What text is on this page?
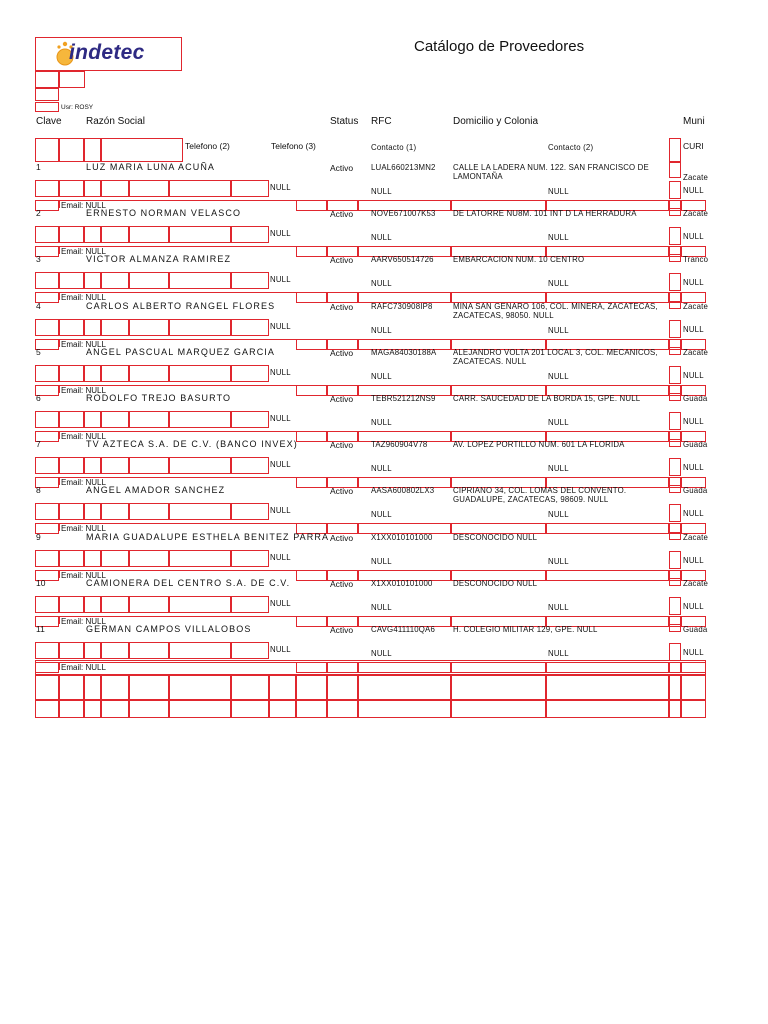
indetec	Catálogo de Proveedores
Usr: ROSY
Clave Razón Social	Status RFC	Domicilio y Colonia	Muni
Telefono (2)	Telefono (3)	Contacto (1)	Contacto (2)	CURI
1	LUZ MARIA LUNA ACUÑA	Activo LUAL660213MN2 CALLE LA LADERA NUM. 122. SAN FRANCISCO DE
LAMONTAÑA	Zacate
NULL	NULL	NULL	NULL
Email: NULL
2	ERNESTO NORMAN VELASCO	Activo NOVE671007K53 DE LATORRE NU8M. 101 INT D LA HERRADURA	Zacate
NULL	NULL	NULL	NULL
Email: NULL
3	VICTOR ALMANZA RAMIREZ	Activo AARV650514726 EMBARCACION NUM. 10 CENTRO	Tranco
NULL	NULL	NULL	NULL
Email: NULL
4	CARLOS ALBERTO RANGEL FLORES	Activo RAFC730908IP8 MINA SAN GENARO 106, COL. MINERA, ZACATECAS,
ZACATECAS, 98050. NULL
Zacate
NULL	NULL	NULL	NULL
Email: NULL
5	ANGEL PASCUAL MARQUEZ GARCIA	Activo MAGA84030188A ALEJANDRO VOLTA 201 LOCAL 3, COL. MECANICOS,
ZACATECAS. NULL
Zacate
NULL	NULL	NULL	NULL
Email: NULL
6	RODOLFO TREJO BASURTO	Activo TEBR521212NS9 CARR. SAUCEDAD DE LA BORDA 15, GPE. NULL	Guada
NULL	NULL	NULL	NULL
Email: NULL
7	TV AZTECA S.A. DE C.V. (BANCO INVEX)	Activo TAZ960904V78	AV. LOPEZ PORTILLO NUM. 601 LA FLORIDA	Guada
NULL	NULL	NULL	NULL
Email: NULL
8	ANGEL AMADOR SANCHEZ	Activo AASA600802LX3 CIPRIANO 34, COL. LOMAS DEL CONVENTO.
GUADALUPE, ZACATECAS, 98609. NULL
Guada
NULL	NULL	NULL	NULL
Email: NULL
9	MARIA GUADALUPE ESTHELA BENITEZ PARRA Activo X1XX010101000 DESCONOCIDO NULL	Zacate
NULL	NULL	NULL	NULL
Email: NULL
10	CAMIONERA DEL CENTRO S.A. DE C.V.	Activo X1XX010101000 DESCONOCIDO NULL	Zacate
NULL	NULL	NULL	NULL
Email: NULL
11	GERMAN CAMPOS VILLALOBOS	Activo CAVG411110QA6 H. COLEGIO MILITAR 129, GPE. NULL	Guada
NULL	NULL	NULL	NULL
Email: NULL
